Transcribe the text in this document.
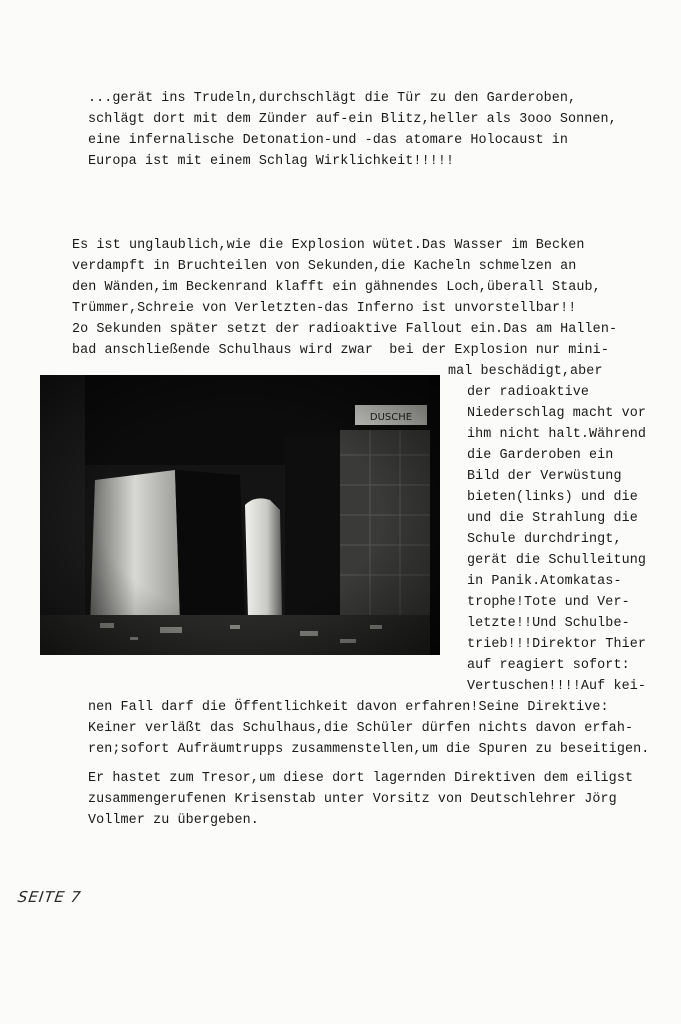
...gerät ins Trudeln,durchschlägt die Tür zu den Garderoben,
schlägt dort mit dem Zünder auf-ein Blitz,heller als 3ooo Sonnen,
eine infernalische Detonation-und -das atomare Holocaust in
Europa ist mit einem Schlag Wirklichkeit!!!!!
Es ist unglaublich,wie die Explosion wütet.Das Wasser im Becken
verdampft in Bruchteilen von Sekunden,die Kacheln schmelzen an
den Wänden,im Beckenrand klafft ein gähnendes Loch,überall Staub,
Trümmer,Schreie von Verletzten-das Inferno ist unvorstellbar!!
2o Sekunden später setzt der radioaktive Fallout ein.Das am Hallen-
bad anschließende Schulhaus wird zwar  bei der Explosion nur mini-
mal beschädigt,aber
der radioaktive
Niederschlag macht vor
ihm nicht halt.Während
die Garderoben ein
Bild der Verwüstung
bieten(links) und die
und die Strahlung die
Schule durchdringt,
gerät die Schulleitung
in Panik.Atomkatas-
trophe!Tote und Ver-
letzte!!Und Schulbe-
trieb!!!Direktor Thier
auf reagiert sofort:
Vertuschen!!!!Auf kei-
nen Fall darf die Öffentlichkeit davon erfahren!Seine Direktive:
Keiner verläßt das Schulhaus,die Schüler dürfen nichts davon erfah-
ren;sofort Aufräumtrupps zusammenstellen,um die Spuren zu beseitigen.
Er hastet zum Tresor,um diese dort lagernden Direktiven dem eiligst
zusammengerufenen Krisenstab unter Vorsitz von Deutschlehrer Jörg
Vollmer zu übergeben.
SEITE 7
